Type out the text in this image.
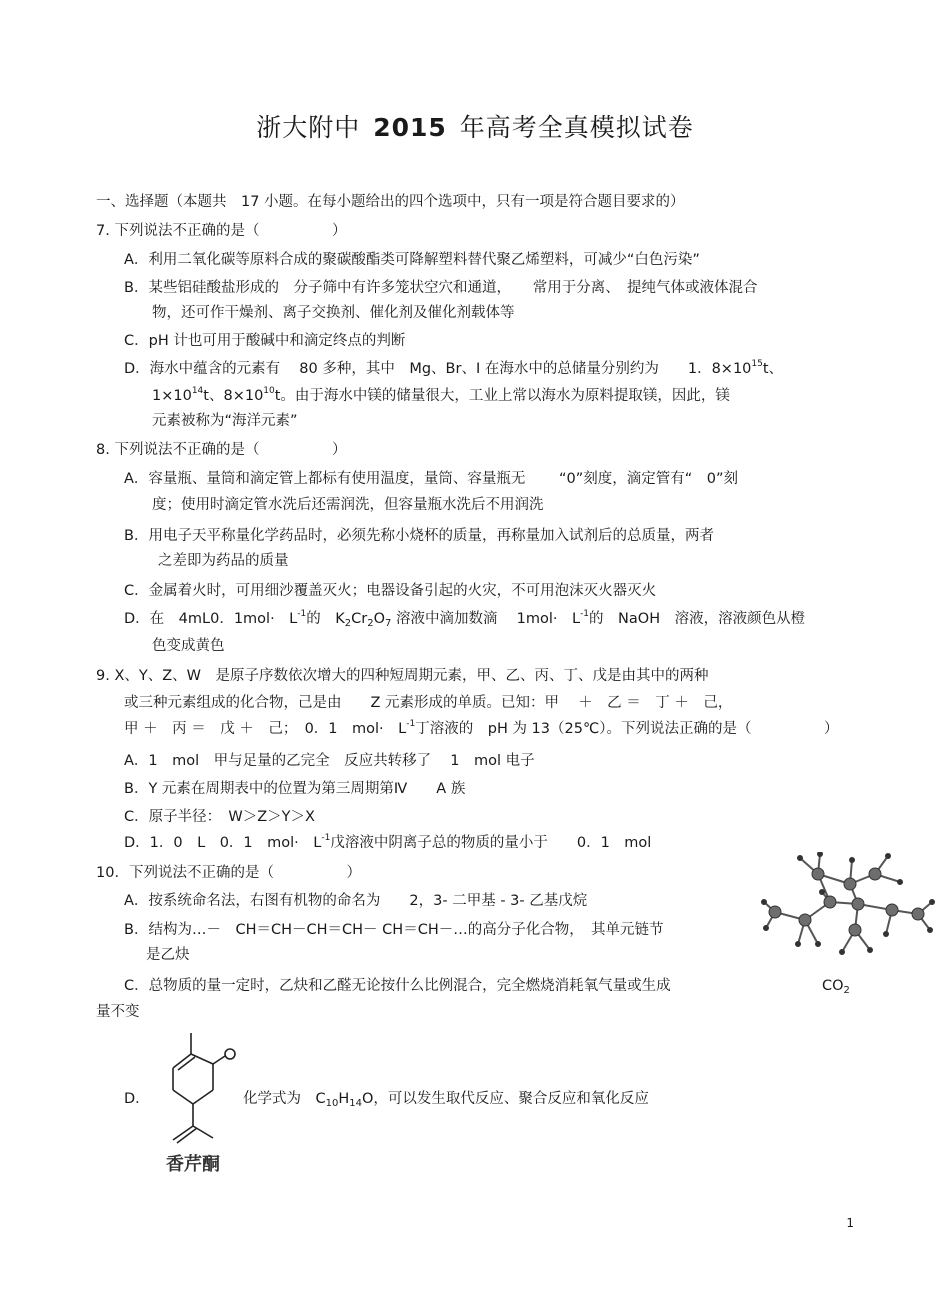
浙大附中 2015 年高考全真模拟试卷
一、选择题（本题共　17 小题。在每小题给出的四个选项中，只有一项是符合题目要求的）
7. 下列说法不正确的是（　　　　　）
A．利用二氧化碳等原料合成的聚碳酸酯类可降解塑料替代聚乙烯塑料，可减少“白色污染”
B．某些铝硅酸盐形成的　分子筛中有许多笼状空穴和通道，　　常用于分离、　提纯气体或液体混合
物，还可作干燥剂、离子交换剂、催化剂及催化剂载体等
C．pH 计也可用于酸碱中和滴定终点的判断
D．海水中蕴含的元素有　 80 多种，其中　Mg、Br、I 在海水中的总储量分别约为　　1．$8\times 10^{15}t$、
$1\times 10^{14}t$、$8\times 10^{10}t$。由于海水中镁的储量很大，工业上常以海水为原料提取镁，因此，镁
元素被称为“海洋元素”
8. 下列说法不正确的是（　　　　　）
A．容量瓶、量筒和滴定管上都标有使用温度，量筒、容量瓶无　　 “0”刻度，滴定管有“　0”刻
度；使用时滴定管水洗后还需润洗，但容量瓶水洗后不用润洗
B．用电子天平称量化学药品时，必须先称小烧杯的质量，再称量加入试剂后的总质量，两者
之差即为药品的质量
C．金属着火时，可用细沙覆盖灭火；电器设备引起的火灾，不可用泡沫灭火器灭火
D．在　4mL0．1mol·　$L^{-1}$的　$K_2Cr_2O_7$ 溶液中滴加数滴　 1mol·　$L^{-1}$的　NaOH　溶液，溶液颜色从橙
色变成黄色
9. X、Y、Z、W　是原子序数依次增大的四种短周期元素，甲、乙、丙、丁、戊是由其中的两种
或三种元素组成的化合物，己是由　　Z 元素形成的单质。已知：甲　 ＋　乙 ＝　丁 ＋　己，
甲 ＋　丙 ＝　戊 ＋　己；　0．1　mol·　$L^{-1}$丁溶液的　pH 为 13（25℃）。下列说法正确的是（　　　　　）
A．1　mol　甲与足量的乙完全　反应共转移了　 1　mol 电子
B．Y 元素在周期表中的位置为第三周期第Ⅳ　　A 族
C．原子半径：　W＞Z＞Y＞X
D．1．0　L　0．1　mol·　$L^{-1}$戊溶液中阴离子总的物质的量小于　　0．1　mol
10．下列说法不正确的是（　　　　　）
A．按系统命名法，右图有机物的命名为　　2，3- 二甲基 - 3- 乙基戊烷
B．结构为…－　CH＝CH－CH＝CH－ CH＝CH－…的高分子化合物，　其单元链节
是乙炔
C．总物质的量一定时，乙炔和乙醛无论按什么比例混合，完全燃烧消耗氧气量或生成	$CO_2$
量不变
D．	化学式为　$C_{10}H_{14}O$，可以发生取代反应、聚合反应和氧化反应
香芹酮
1
